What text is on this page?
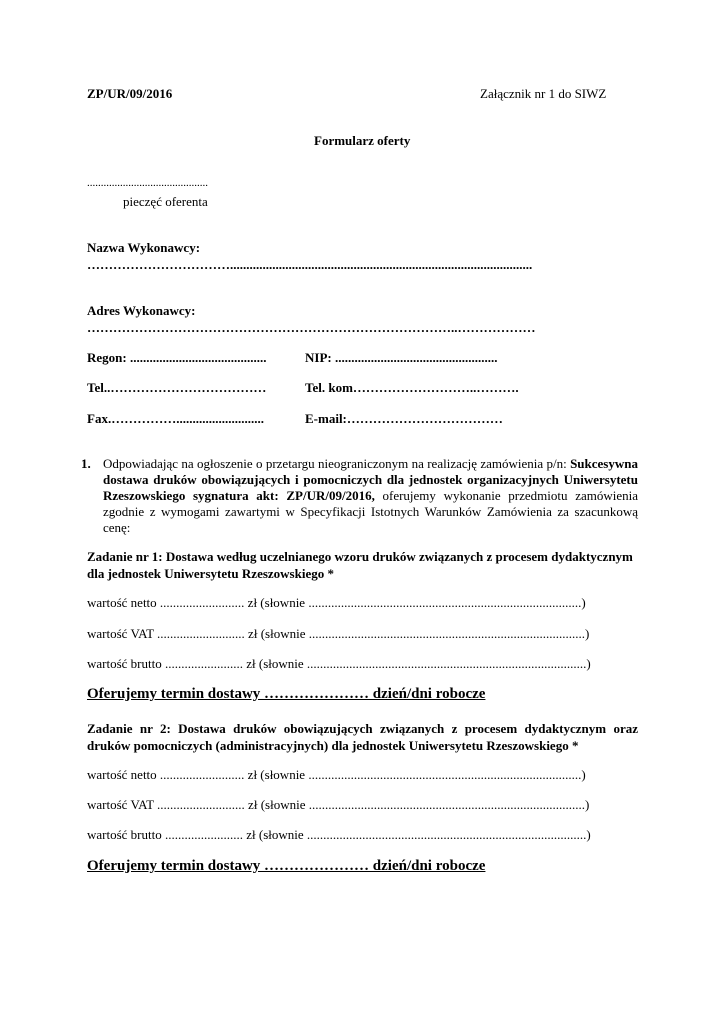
ZP/UR/09/2016	Załącznik nr 1 do SIWZ
Formularz oferty
............................................
pieczęć oferenta
Nazwa Wykonawcy:
…………………………….............................................................................................
Adres Wykonawcy:
…………………………………………………………………………..………………
Regon: ..........................................	NIP: ..................................................
Tel..………………………………	Tel. kom………………………..……….
Fax.……………...........................	E-mail:………………………………
1. Odpowiadając na ogłoszenie o przetargu nieograniczonym na realizację zamówienia p/n: Sukcesywna dostawa druków obowiązujących i pomocniczych dla jednostek organizacyjnych Uniwersytetu Rzeszowskiego sygnatura akt: ZP/UR/09/2016, oferujemy wykonanie przedmiotu zamówienia zgodnie z wymogami zawartymi w Specyfikacji Istotnych Warunków Zamówienia za szacunkową cenę:
Zadanie nr 1: Dostawa według uczelnianego wzoru druków związanych z procesem dydaktycznym dla jednostek Uniwersytetu Rzeszowskiego *
wartość netto .......................... zł (słownie ....................................................................................)
wartość VAT ........................... zł (słownie .....................................................................................)
wartość brutto ........................ zł (słownie ......................................................................................)
Oferujemy termin dostawy ………………… dzień/dni robocze
Zadanie nr 2: Dostawa druków obowiązujących związanych z procesem dydaktycznym oraz druków pomocniczych (administracyjnych) dla jednostek Uniwersytetu Rzeszowskiego *
wartość netto .......................... zł (słownie ....................................................................................)
wartość VAT ........................... zł (słownie .....................................................................................)
wartość brutto ........................ zł (słownie ......................................................................................)
Oferujemy termin dostawy ………………… dzień/dni robocze
